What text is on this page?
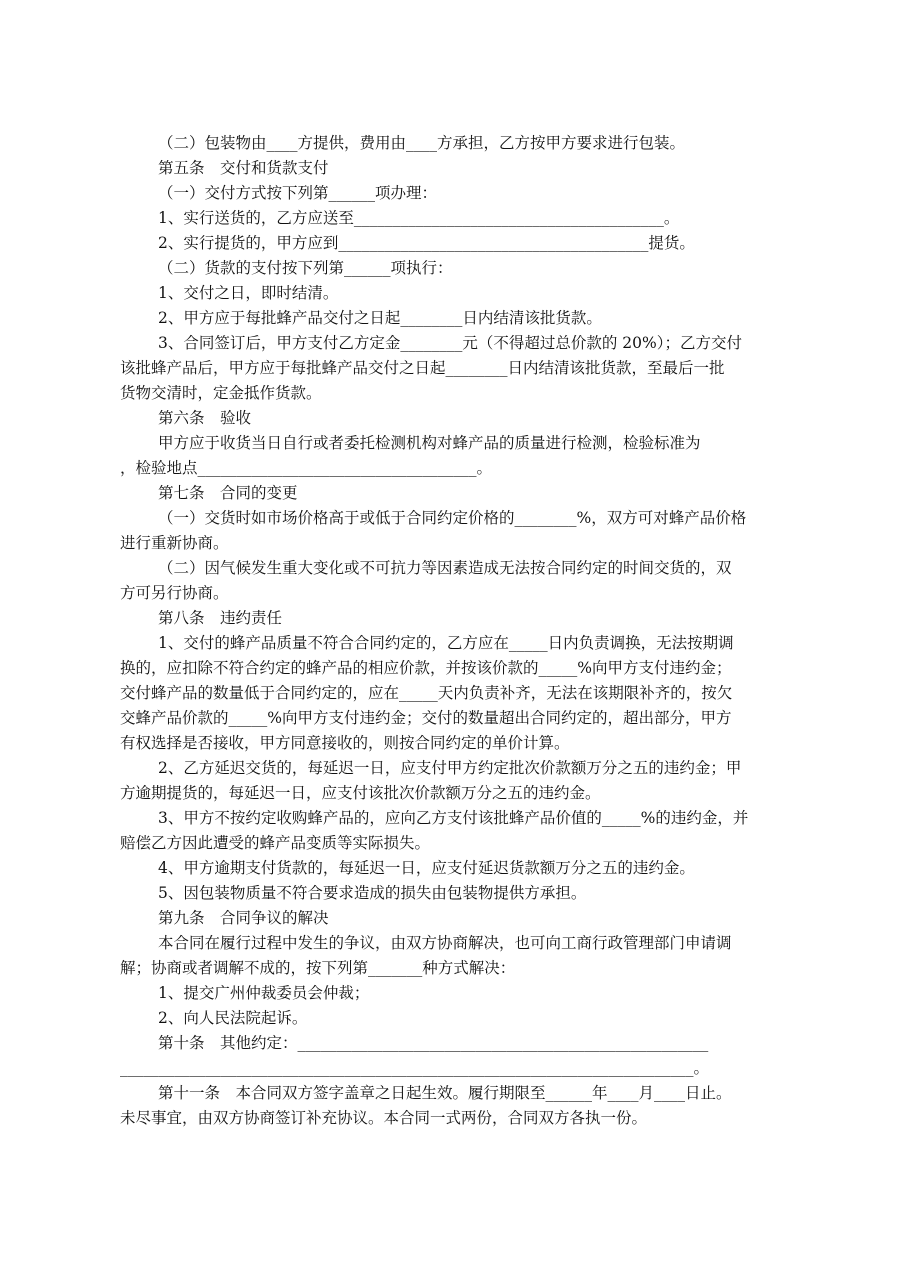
（二）包装物由____方提供，费用由____方承担，乙方按甲方要求进行包装。
第五条　交付和货款支付
（一）交付方式按下列第______项办理：
1、实行送货的，乙方应送至________________________________________。
2、实行提货的，甲方应到________________________________________提货。
（二）货款的支付按下列第______项执行：
1、交付之日，即时结清。
2、甲方应于每批蜂产品交付之日起________日内结清该批货款。
3、合同签订后，甲方支付乙方定金________元（不得超过总价款的 20%）；乙方交付
该批蜂产品后，甲方应于每批蜂产品交付之日起________日内结清该批货款，至最后一批
货物交清时，定金抵作货款。
第六条　验收
甲方应于收货当日自行或者委托检测机构对蜂产品的质量进行检测，检验标准为
，检验地点____________________________________。
第七条　合同的变更
（一）交货时如市场价格高于或低于合同约定价格的________%，双方可对蜂产品价格
进行重新协商。
（二）因气候发生重大变化或不可抗力等因素造成无法按合同约定的时间交货的，双
方可另行协商。
第八条　违约责任
1、交付的蜂产品质量不符合合同约定的，乙方应在_____日内负责调换，无法按期调
换的，应扣除不符合约定的蜂产品的相应价款，并按该价款的_____%向甲方支付违约金；
交付蜂产品的数量低于合同约定的，应在_____天内负责补齐，无法在该期限补齐的，按欠
交蜂产品价款的_____%向甲方支付违约金；交付的数量超出合同约定的，超出部分，甲方
有权选择是否接收，甲方同意接收的，则按合同约定的单价计算。
2、乙方延迟交货的，每延迟一日，应支付甲方约定批次价款额万分之五的违约金；甲
方逾期提货的，每延迟一日，应支付该批次价款额万分之五的违约金。
3、甲方不按约定收购蜂产品的，应向乙方支付该批蜂产品价值的_____%的违约金，并
赔偿乙方因此遭受的蜂产品变质等实际损失。
4、甲方逾期支付货款的，每延迟一日，应支付延迟货款额万分之五的违约金。
5、因包装物质量不符合要求造成的损失由包装物提供方承担。
第九条　合同争议的解决
本合同在履行过程中发生的争议，由双方协商解决，也可向工商行政管理部门申请调
解；协商或者调解不成的，按下列第_______种方式解决：
1、提交广州仲裁委员会仲裁；
2、向人民法院起诉。
第十条　其他约定：_____________________________________________________
__________________________________________________________________________。
第十一条　本合同双方签字盖章之日起生效。履行期限至______年____月____日止。
未尽事宜，由双方协商签订补充协议。本合同一式两份，合同双方各执一份。
